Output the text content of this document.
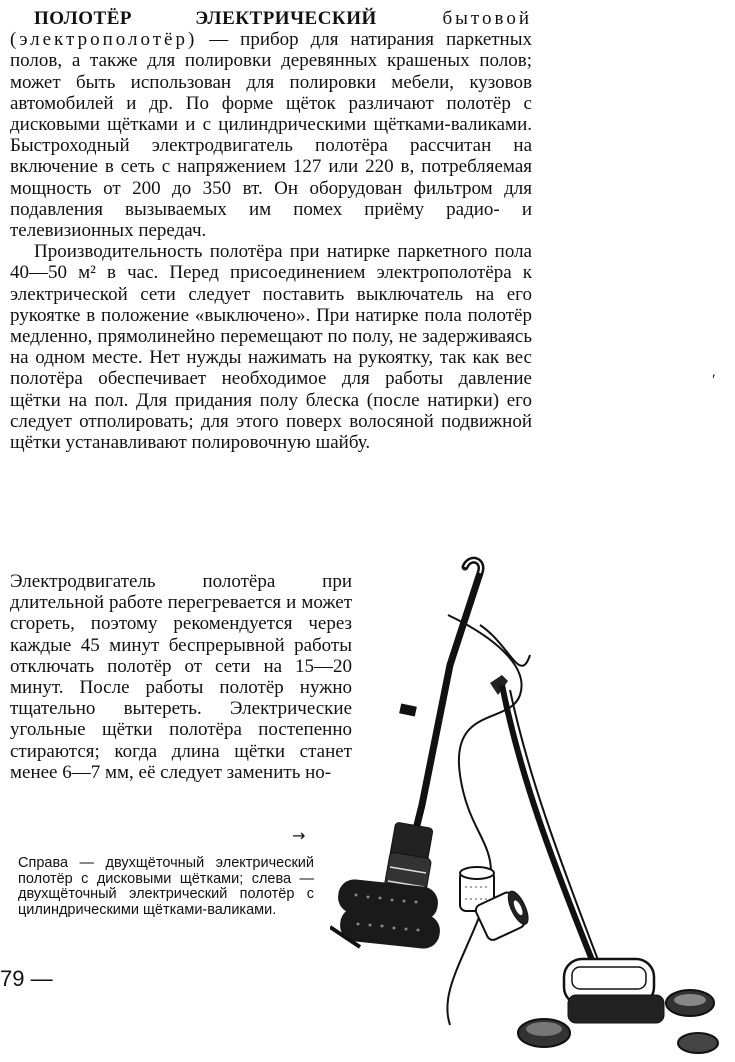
ПОЛОТЁР ЭЛЕКТРИЧЕСКИЙ бытовой (электрополотёр) — прибор для натирания паркетных полов, а также для полировки деревянных крашеных полов; может быть использован для полировки мебели, кузовов автомобилей и др. По форме щёток различают полотёр с дисковыми щётками и с цилиндрическими щётками-валиками. Быстроходный электродвигатель полотёра рассчитан на включение в сеть с напряжением 127 или 220 в, потребляемая мощность от 200 до 350 вт. Он оборудован фильтром для подавления вызываемых им помех приёму радио- и телевизионных передач.

Производительность полотёра при натирке паркетного пола 40—50 м² в час. Перед присоединением электрополотёра к электрической сети следует поставить выключатель на его рукоятке в положение «выключено». При натирке пола полотёр медленно, прямолинейно перемещают по полу, не задерживаясь на одном месте. Нет нужды нажимать на рукоятку, так как вес полотёра обеспечивает необходимое для работы давление щётки на пол. Для придания полу блеска (после натирки) его следует отполировать; для этого поверх волосяной подвижной щётки устанавливают полировочную шайбу.

Электродвигатель полотёра при длительной работе перегревается и может сгореть, поэтому рекомендуется через каждые 45 минут беспрерывной работы отключать полотёр от сети на 15—20 минут. После работы полотёр нужно тщательно вытереть. Электрические угольные щётки полотёра постепенно стираются; когда длина щётки станет менее 6—7 мм, её следует заменить но-

→

Справа — двухщёточный электрический полотёр с дисковыми щётками; слева — двухщёточный электрический полотёр с цилиндрическими щётками-валиками.

79 —
′
